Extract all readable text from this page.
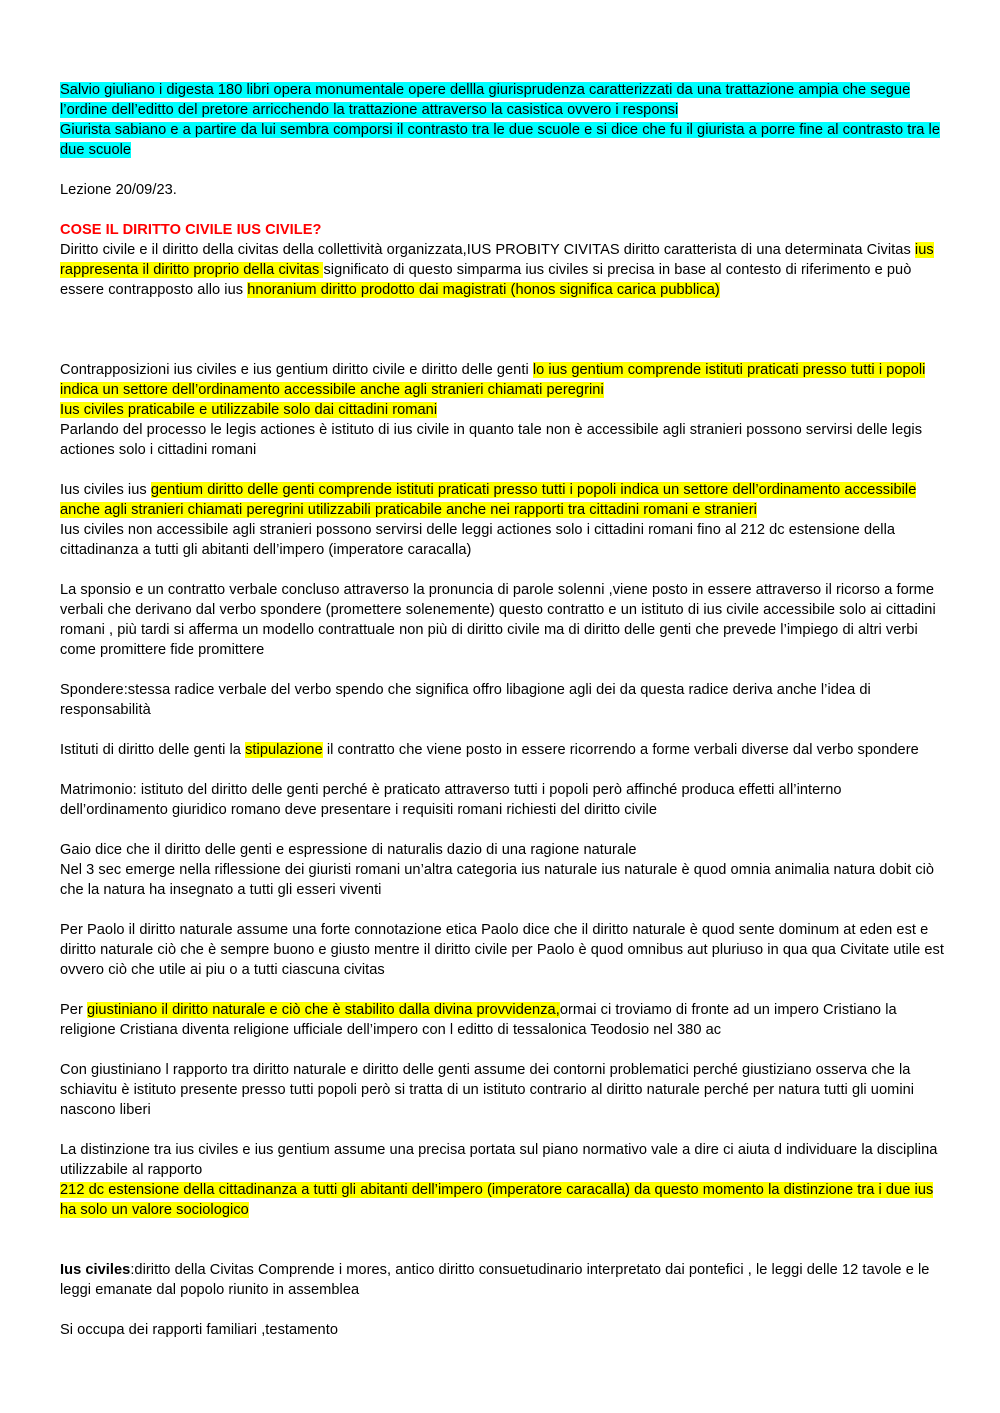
Salvio giuliano i digesta 180 libri opera monumentale opere dellla giurisprudenza caratterizzati da una trattazione ampia che segue l’ordine dell’editto del pretore arricchendo la trattazione attraverso la casistica ovvero i responsi
Giurista sabiano e a partire da lui sembra comporsi il contrasto tra le due scuole e si dice che fu il giurista a porre fine al contrasto tra le due scuole

Lezione 20/09/23.

COSE IL DIRITTO CIVILE IUS CIVILE?

Diritto civile e il diritto della civitas della collettività organizzata,IUS PROBITY CIVITAS diritto caratterista di una determinata Civitas ius rappresenta il diritto proprio della civitas significato di questo simparma ius civiles si precisa in base al contesto di riferimento e può essere contrapposto allo ius hnoranium diritto prodotto dai magistrati (honos significa carica pubblica)

Contrapposizioni ius civiles e ius gentium diritto civile e diritto delle genti lo ius gentium comprende istituti praticati presso tutti i popoli indica un settore dell’ordinamento accessibile anche agli stranieri chiamati peregrini
Ius civiles praticabile e utilizzabile solo dai cittadini romani
Parlando del processo le legis actiones è istituto di ius civile in quanto tale non è accessibile agli stranieri possono servirsi delle legis actiones solo i cittadini romani

Ius civiles ius gentium diritto delle genti comprende istituti praticati presso tutti i popoli indica un settore dell’ordinamento accessibile anche agli stranieri chiamati peregrini utilizzabili praticabile anche nei rapporti tra cittadini romani e stranieri
Ius civiles non accessibile agli stranieri possono servirsi delle leggi actiones solo i cittadini romani fino al 212 dc estensione della cittadinanza a tutti gli abitanti dell’impero (imperatore caracalla)

La sponsio e un contratto verbale concluso attraverso la pronuncia di parole solenni ,viene posto in essere attraverso il ricorso a forme verbali che derivano dal verbo spondere (promettere solenemente) questo contratto e un istituto di ius civile accessibile solo ai cittadini romani , più tardi si afferma un modello contrattuale non più di diritto civile ma di diritto delle genti che prevede l’impiego di altri verbi come promittere fide promittere

Spondere:stessa radice verbale del verbo spendo che significa offro libagione agli dei da questa radice deriva anche l’idea di responsabilità

Istituti di diritto delle genti la stipulazione il contratto che viene posto in essere ricorrendo a forme verbali diverse dal verbo spondere

Matrimonio: istituto del diritto delle genti perché è praticato attraverso tutti i popoli però affinché produca effetti all’interno dell’ordinamento giuridico romano deve presentare i requisiti romani richiesti del diritto civile

Gaio dice che il diritto delle genti e espressione di naturalis dazio di una ragione naturale
Nel 3 sec emerge nella riflessione dei giuristi romani un’altra categoria ius naturale ius naturale è quod omnia animalia natura dobit ciò che la natura ha insegnato a tutti gli esseri viventi

Per Paolo il diritto naturale assume una forte connotazione etica Paolo dice che il diritto naturale è quod sente dominum at eden est e diritto naturale ciò che è sempre buono e giusto mentre il diritto civile per Paolo è quod omnibus aut pluriuso in qua qua Civitate utile est ovvero ciò che utile ai piu o a tutti ciascuna civitas

Per giustiniano il diritto naturale e ciò che è stabilito dalla divina provvidenza,ormai ci troviamo di fronte ad un impero Cristiano la religione Cristiana diventa religione ufficiale dell’impero con l editto di tessalonica Teodosio nel 380 ac

Con giustiniano l rapporto tra diritto naturale e diritto delle genti assume dei contorni problematici perché giustiziano osserva che la schiavitu è istituto presente presso tutti popoli però si tratta di un istituto contrario al diritto naturale perché per natura tutti gli uomini nascono liberi

La distinzione tra ius civiles e ius gentium assume una precisa portata sul piano normativo vale a dire ci aiuta d individuare la disciplina utilizzabile al rapporto
212 dc estensione della cittadinanza a tutti gli abitanti dell’impero (imperatore caracalla) da questo momento la distinzione tra i due ius ha solo un valore sociologico

Ius civiles:diritto della Civitas Comprende i mores, antico diritto consuetudinario interpretato dai pontefici , le leggi delle 12 tavole e le leggi emanate dal popolo riunito in assemblea

Si occupa dei rapporti familiari ,testamento
